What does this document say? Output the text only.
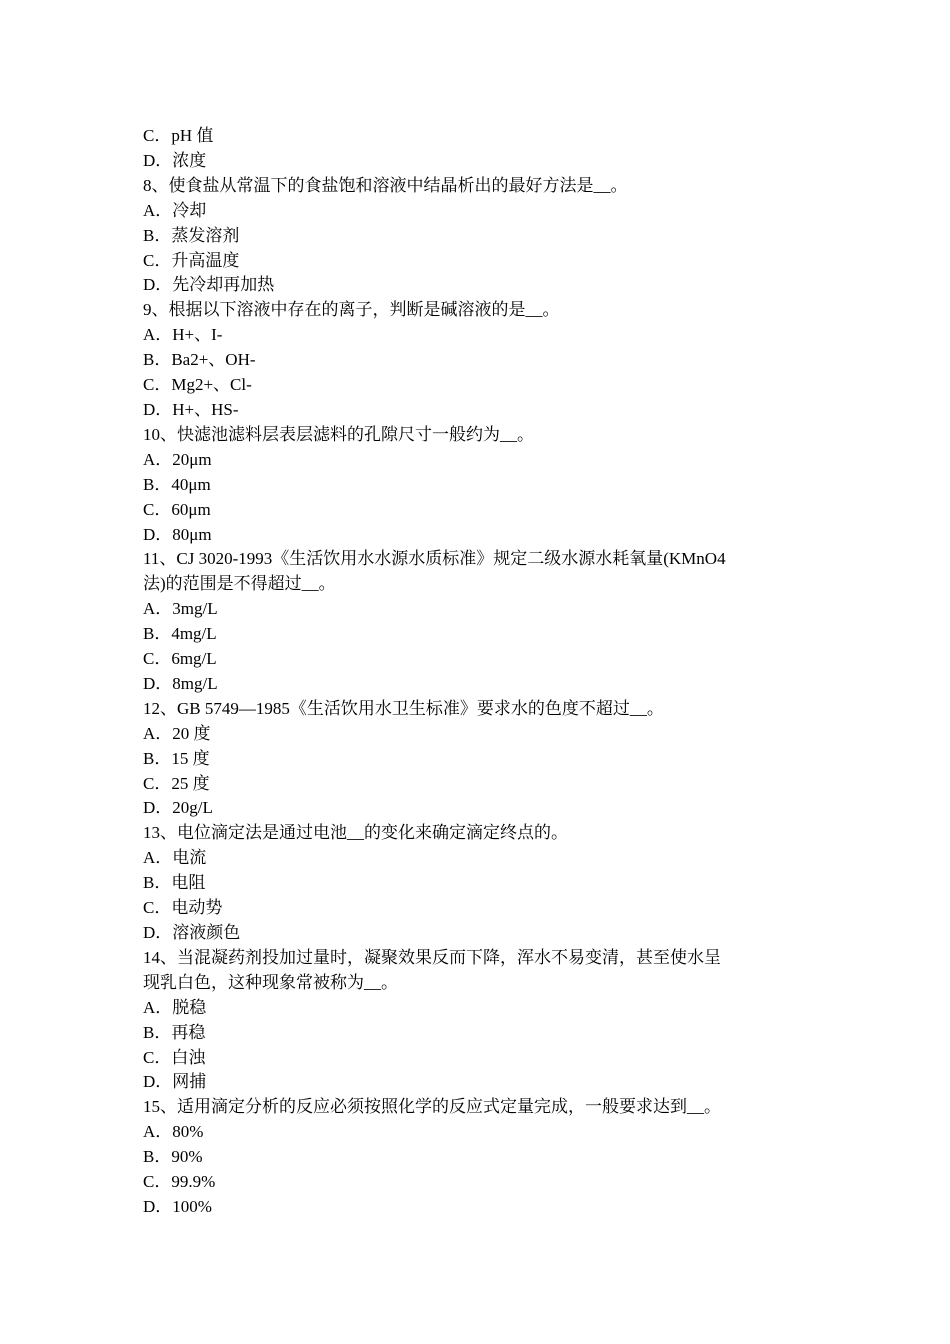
C．pH 值
D．浓度
8、使食盐从常温下的食盐饱和溶液中结晶析出的最好方法是__。
A．冷却
B．蒸发溶剂
C．升高温度
D．先冷却再加热
9、根据以下溶液中存在的离子，判断是碱溶液的是__。
A．H+、I-
B．Ba2+、OH-
C．Mg2+、Cl-
D．H+、HS-
10、快滤池滤料层表层滤料的孔隙尺寸一般约为__。
A．20μm
B．40μm
C．60μm
D．80μm
11、CJ 3020-1993《生活饮用水水源水质标准》规定二级水源水耗氧量(KMnO4
法)的范围是不得超过__。
A．3mg/L
B．4mg/L
C．6mg/L
D．8mg/L
12、GB 5749—1985《生活饮用水卫生标准》要求水的色度不超过__。
A．20 度
B．15 度
C．25 度
D．20g/L
13、电位滴定法是通过电池__的变化来确定滴定终点的。
A．电流
B．电阻
C．电动势
D．溶液颜色
14、当混凝药剂投加过量时，凝聚效果反而下降，浑水不易变清，甚至使水呈
现乳白色，这种现象常被称为__。
A．脱稳
B．再稳
C．白浊
D．网捕
15、适用滴定分析的反应必须按照化学的反应式定量完成，一般要求达到__。
A．80%
B．90%
C．99.9%
D．100%
